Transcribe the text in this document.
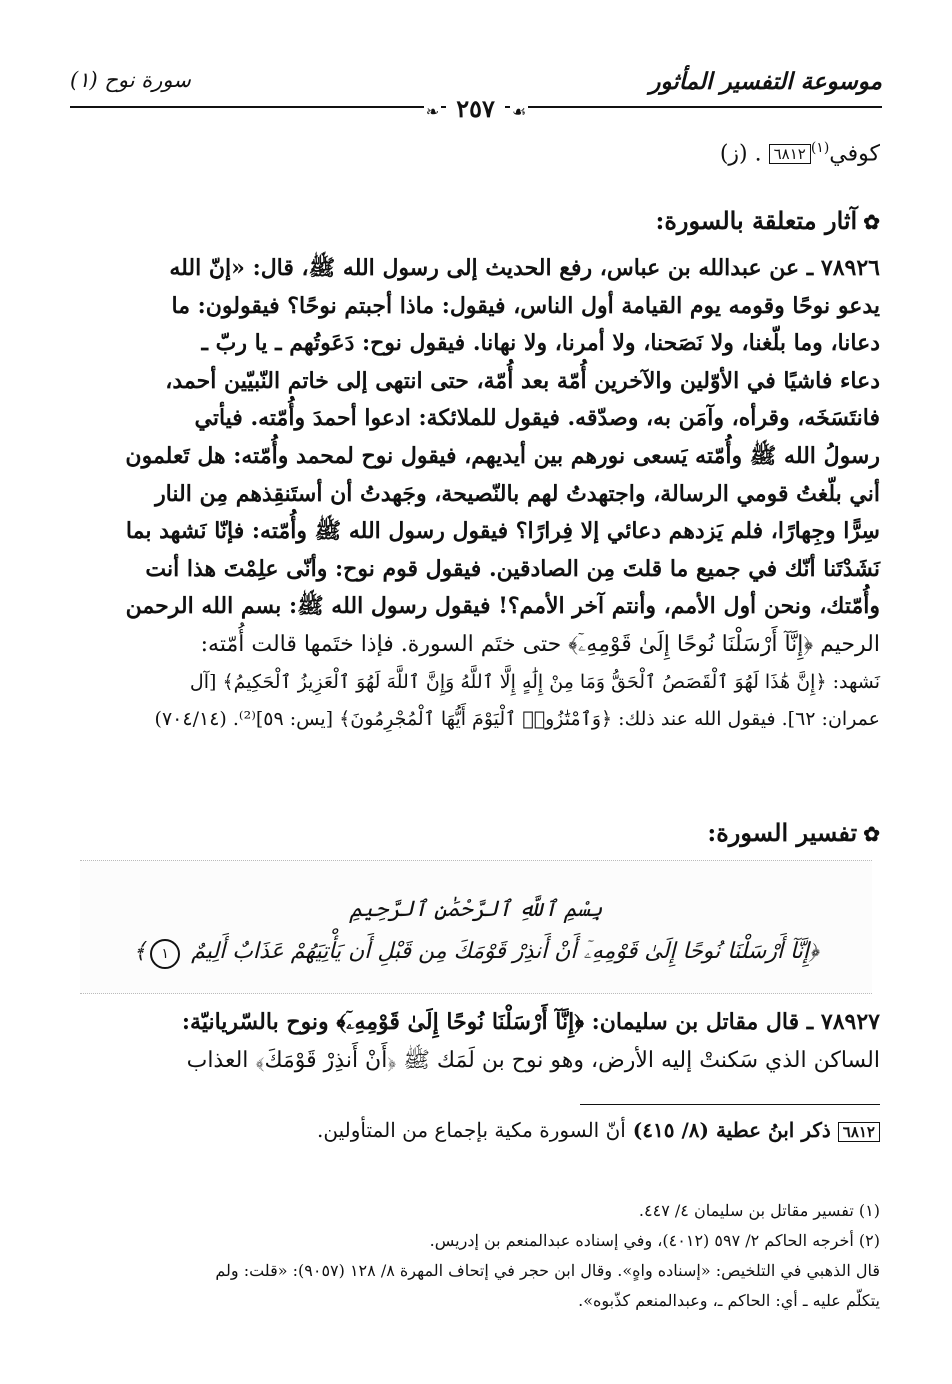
موسوعة التفسير المأثور
سورة نوح (١)
☙ ٢٥٧ ❧
كوفي$^{(١)}$٦٨١٢ . (ز)
✿آثار متعلقة بالسورة:

٧٨٩٢٦ ـ عن عبدالله بن عباس، رفع الحديث إلى رسول الله ﷺ، قال: «إنّ الله

يدعو نوحًا وقومه يوم القيامة أول الناس، فيقول: ماذا أجبتم نوحًا؟ فيقولون: ما

دعانا، وما بلّغنا، ولا نَصَحنا، ولا أمرنا، ولا نهانا. فيقول نوح: دَعَوتُهم ـ يا ربّ ـ

دعاء فاشيًا في الأوّلين والآخرين أُمّة بعد أُمّة، حتى انتهى إلى خاتم النّبيّين أحمد،

فانتَسَخَه، وقرأه، وآمَن به، وصدّقه. فيقول للملائكة: ادعوا أحمدَ وأُمّته. فيأتي

رسولُ الله ﷺ وأُمّته يَسعى نورهم بين أيديهم، فيقول نوح لمحمد وأُمّته: هل تَعلمون

أني بلّغتُ قومي الرسالة، واجتهدتُ لهم بالنّصيحة، وجَهدتُ أن أستَنقِذهم مِن النار

سِرًّا وجِهارًا، فلم يَزدهم دعائي إلا فِرارًا؟ فيقول رسول الله ﷺ وأُمّته: فإنّا نَشهد بما

نَشَدْتَنا أنّك في جميع ما قلتَ مِن الصادقين. فيقول قوم نوح: وأنّى علِمْتَ هذا أنت

وأُمّتك، ونحن أول الأمم، وأنتم آخر الأمم؟! فيقول رسول الله ﷺ: بسم الله الرحمن

الرحيم ﴿إِنَّآ أَرْسَلْنَا نُوحًا إِلَىٰ قَوْمِهِۦٓ﴾ حتى ختَم السورة. فإذا ختَمها قالت أُمّته:

نَشهد: ﴿إِنَّ هَٰذَا لَهُوَ ٱلْقَصَصُ ٱلْحَقُّ وَمَا مِنْ إِلَٰهٍ إِلَّا ٱللَّهُ وَإِنَّ ٱللَّهَ لَهُوَ ٱلْعَزِيزُ ٱلْحَكِيمُ﴾ [آل

عمران: ٦٢]. فيقول الله عند ذلك: ﴿وَٱمْتَٰزُوا۟ ٱلْيَوْمَ أَيُّهَا ٱلْمُجْرِمُونَ﴾ [يس: ٥٩]⁽²⁾. (٧٠٤/١٤)

✿تفسير السورة:
بِسْمِ ٱللَّهِ ٱلرَّحْمَٰنِ ٱلرَّحِيمِ
﴿إِنَّآ أَرْسَلْنَا نُوحًا إِلَىٰ قَوْمِهِۦٓ أَنْ أَنذِرْ قَوْمَكَ مِن قَبْلِ أَن يَأْتِيَهُمْ عَذَابٌ أَلِيمٌ ١﴾

٧٨٩٢٧ ـ قال مقاتل بن سليمان: ﴿إِنَّآ أَرْسَلْنَا نُوحًا إِلَىٰ قَوْمِهِۦٓ﴾ ونوح بالسّريانيّة:

الساكن الذي سَكنتْ إليه الأرض، وهو نوح بن لَمَك ﷺ ﴿أَنْ أَنذِرْ قَوْمَكَ﴾ العذاب

٦٨١٢ ذكر ابنُ عطية (٨/ ٤١٥) أنّ السورة مكية بإجماع من المتأولين.

(١) تفسير مقاتل بن سليمان ٤/ ٤٤٧.

(٢) أخرجه الحاكم ٢/ ٥٩٧ (٤٠١٢)، وفي إسناده عبدالمنعم بن إدريس.

قال الذهبي في التلخيص: «إسناده واهٍ». وقال ابن حجر في إتحاف المهرة ٨/ ١٢٨ (٩٠٥٧): «قلت: ولم

يتكلّم عليه ـ أي: الحاكم ـ، وعبدالمنعم كذّبوه».
